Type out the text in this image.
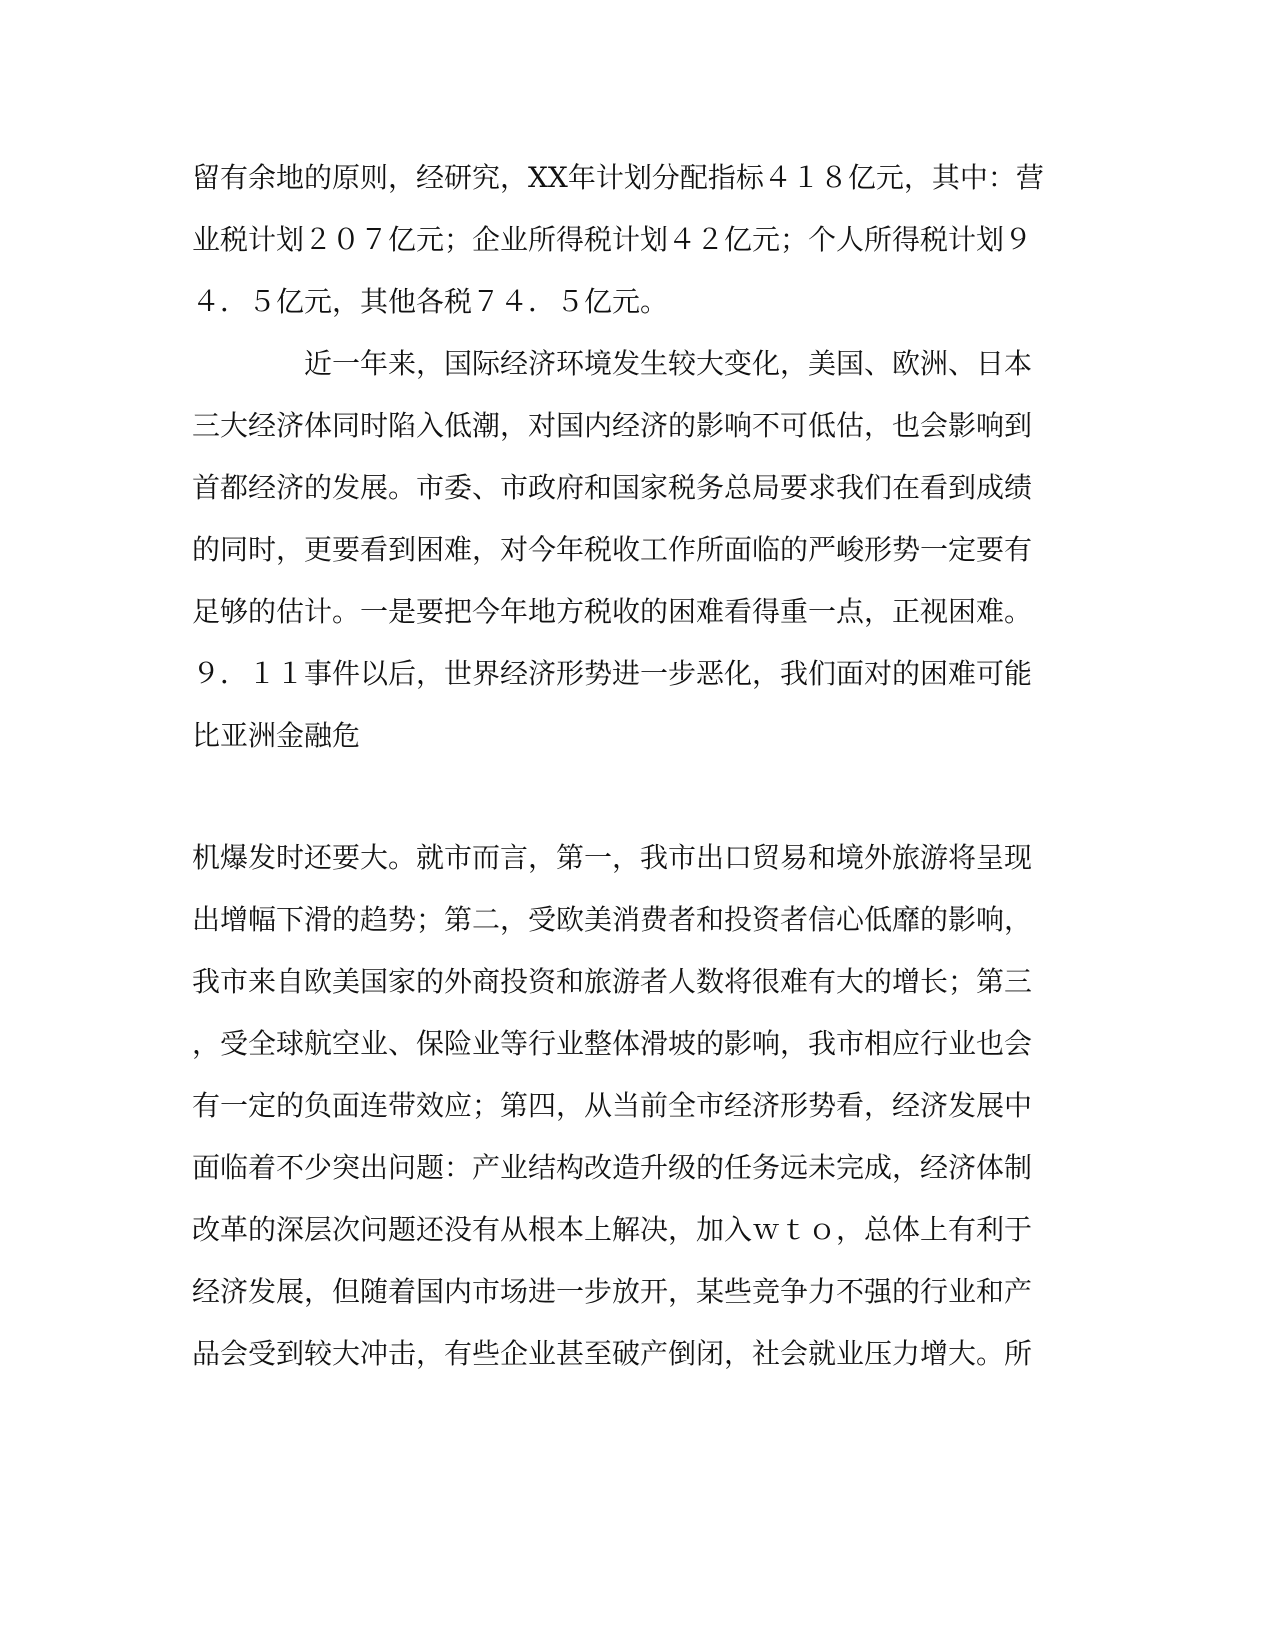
留有余地的原则，经研究，XX年计划分配指标４１８亿元，其中：营
业税计划２０７亿元；企业所得税计划４２亿元；个人所得税计划９
４．５亿元，其他各税７４．５亿元。
　　　　近一年来，国际经济环境发生较大变化，美国、欧洲、日本
三大经济体同时陷入低潮，对国内经济的影响不可低估，也会影响到
首都经济的发展。市委、市政府和国家税务总局要求我们在看到成绩
的同时，更要看到困难，对今年税收工作所面临的严峻形势一定要有
足够的估计。一是要把今年地方税收的困难看得重一点，正视困难。
９．１１事件以后，世界经济形势进一步恶化，我们面对的困难可能
比亚洲金融危
机爆发时还要大。就市而言，第一，我市出口贸易和境外旅游将呈现
出增幅下滑的趋势；第二，受欧美消费者和投资者信心低靡的影响，
我市来自欧美国家的外商投资和旅游者人数将很难有大的增长；第三
，受全球航空业、保险业等行业整体滑坡的影响，我市相应行业也会
有一定的负面连带效应；第四，从当前全市经济形势看，经济发展中
面临着不少突出问题：产业结构改造升级的任务远未完成，经济体制
改革的深层次问题还没有从根本上解决，加入ｗｔｏ，总体上有利于
经济发展，但随着国内市场进一步放开，某些竞争力不强的行业和产
品会受到较大冲击，有些企业甚至破产倒闭，社会就业压力增大。所
